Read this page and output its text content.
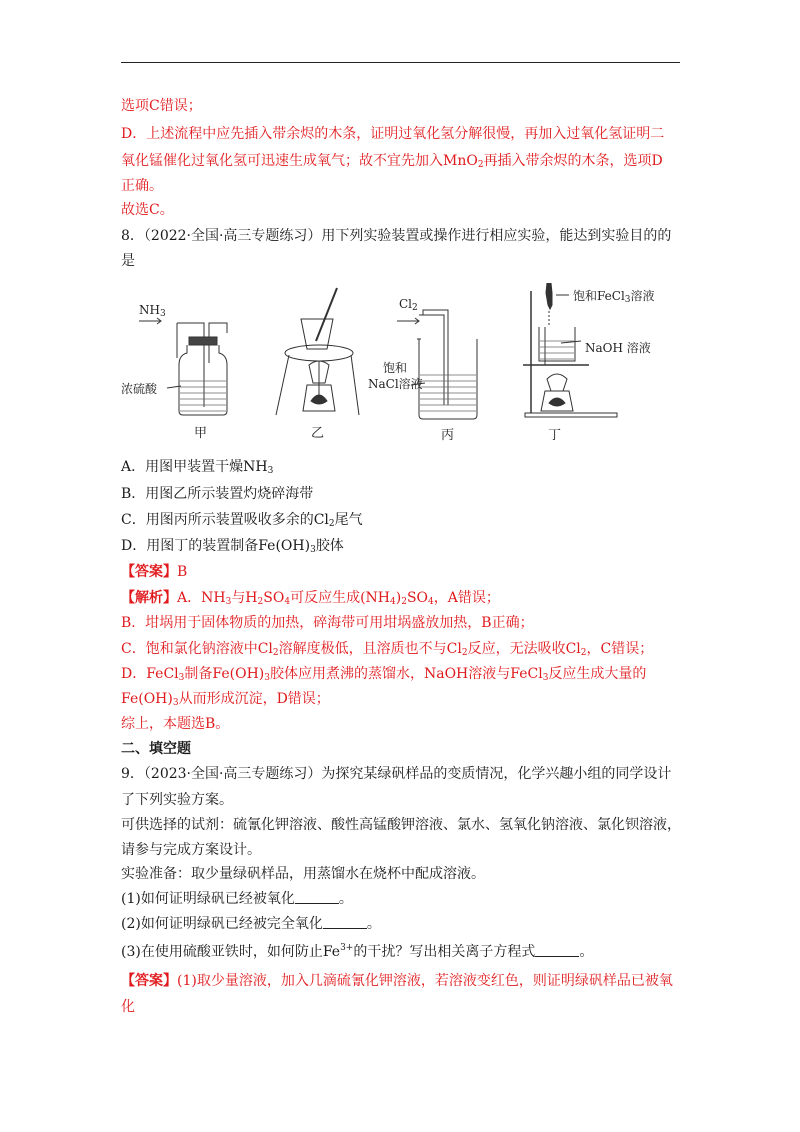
选项C错误；
D．上述流程中应先插入带余烬的木条，证明过氧化氢分解很慢，再加入过氧化氢证明二
氧化锰催化过氧化氢可迅速生成氧气；故不宜先加入MnO$_2$再插入带余烬的木条，选项D
正确。
故选C。
8．（2022·全国·高三专题练习）用下列实验装置或操作进行相应实验，能达到实验目的的
是
$NH_3$
浓硫酸
甲	乙
$Cl_2$
饱和
NaCl溶液
丙
饱和FeCl$_3$溶液
NaOH 溶液
丁
A．用图甲装置干燥$NH_3$
B．用图乙所示装置灼烧碎海带
C．用图丙所示装置吸收多余的$Cl_2$尾气
D．用图丁的装置制备$Fe(OH)_3$胶体
【答案】B
【解析】A．$NH_3$与$H_2SO_4$可反应生成$(NH_4)_2SO_4$，A错误；
B．坩埚用于固体物质的加热，碎海带可用坩埚盛放加热，B正确；
C．饱和氯化钠溶液中$Cl_2$溶解度极低，且溶质也不与$Cl_2$反应，无法吸收$Cl_2$，C错误；
D．FeCl$_3$制备$Fe(OH)_3$胶体应用煮沸的蒸馏水，NaOH溶液与FeCl$_3$反应生成大量的
$Fe(OH)_3$从而形成沉淀，D错误；
综上，本题选B。
二、填空题
9．（2023·全国·高三专题练习）为探究某绿矾样品的变质情况，化学兴趣小组的同学设计
了下列实验方案。
可供选择的试剂：硫氰化钾溶液、酸性高锰酸钾溶液、氯水、氢氧化钠溶液、氯化钡溶液，
请参与完成方案设计。
实验准备：取少量绿矾样品，用蒸馏水在烧杯中配成溶液。
(1)如何证明绿矾已经被氧化	。
(2)如何证明绿矾已经被完全氧化	。
(3)在使用硫酸亚铁时，如何防止$Fe^{3+}$的干扰？写出相关离子方程式	。
【答案】(1)取少量溶液，加入几滴硫氰化钾溶液，若溶液变红色，则证明绿矾样品已被氧
化
